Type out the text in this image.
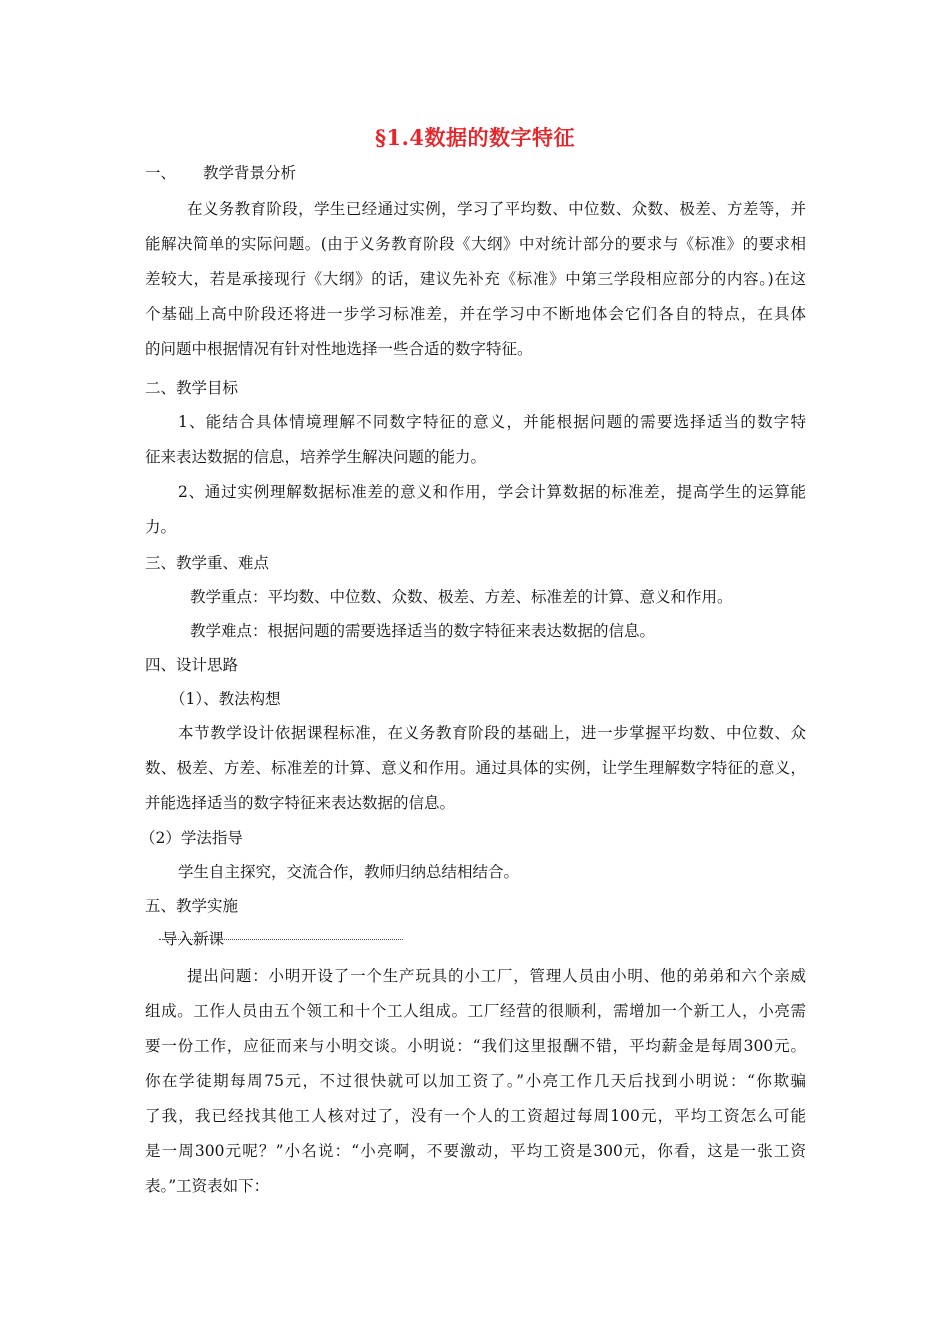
§1.4数据的数字特征
一、 教学背景分析
在义务教育阶段，学生已经通过实例，学习了平均数、中位数、众数、极差、方差等，并
能解决简单的实际问题。(由于义务教育阶段《大纲》中对统计部分的要求与《标准》的要求相
差较大，若是承接现行《大纲》的话，建议先补充《标准》中第三学段相应部分的内容。)在这
个基础上高中阶段还将进一步学习标准差，并在学习中不断地体会它们各自的特点，在具体
的问题中根据情况有针对性地选择一些合适的数字特征。
二、教学目标
1、能结合具体情境理解不同数字特征的意义，并能根据问题的需要选择适当的数字特
征来表达数据的信息，培养学生解决问题的能力。
2、通过实例理解数据标准差的意义和作用，学会计算数据的标准差，提高学生的运算能
力。
三、教学重、难点
教学重点：平均数、中位数、众数、极差、方差、标准差的计算、意义和作用。
教学难点：根据问题的需要选择适当的数字特征来表达数据的信息。
四、设计思路
（1）、教法构想
本节教学设计依据课程标准，在义务教育阶段的基础上，进一步掌握平均数、中位数、众
数、极差、方差、标准差的计算、意义和作用。通过具体的实例，让学生理解数字特征的意义，
并能选择适当的数字特征来表达数据的信息。
（2）学法指导
学生自主探究，交流合作，教师归纳总结相结合。
五、教学实施
导入新课
提出问题：小明开设了一个生产玩具的小工厂，管理人员由小明、他的弟弟和六个亲威
组成。工作人员由五个领工和十个工人组成。工厂经营的很顺利，需增加一个新工人，小亮需
要一份工作，应征而来与小明交谈。小明说：“我们这里报酬不错，平均薪金是每周300元。
你在学徒期每周75元，不过很快就可以加工资了。”小亮工作几天后找到小明说：“你欺骗
了我，我已经找其他工人核对过了，没有一个人的工资超过每周100元，平均工资怎么可能
是一周300元呢？”小名说：“小亮啊，不要激动，平均工资是300元，你看，这是一张工资
表。”工资表如下：
